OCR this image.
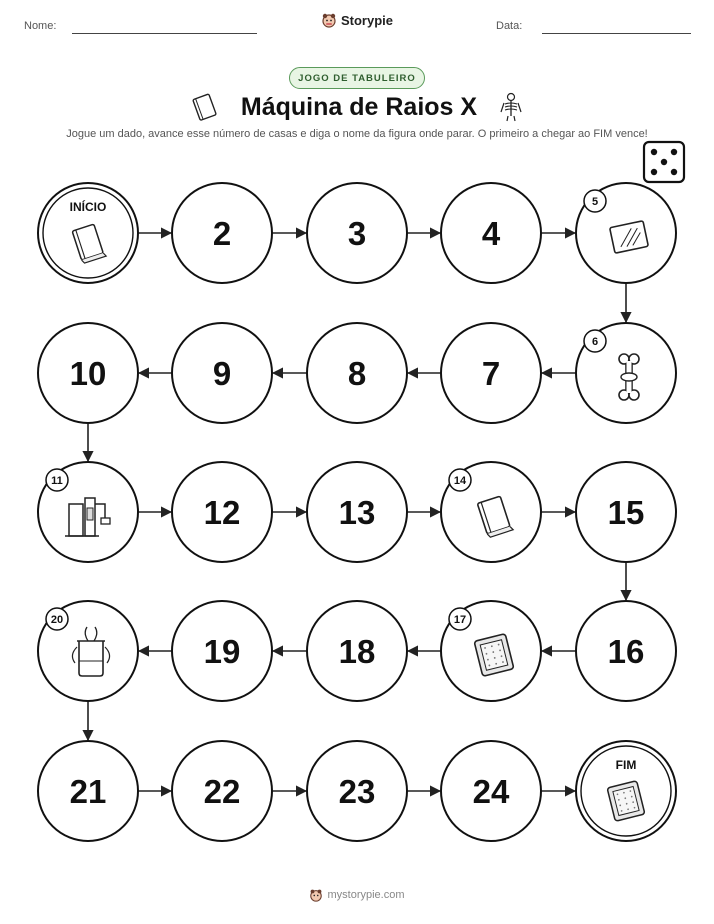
Nome:	Storypie	Data:
JOGO DE TABULEIRO
Máquina de Raios X
Jogue um dado, avance esse número de casas e diga o nome da figura onde parar. O primeiro a chegar ao FIM vence!
INÍCIO
2	3	4
5
6
7
8
9
10
11
12	13
14
15
16
17
18
19
20
21	22	23	24
FIM
mystorypie.com
